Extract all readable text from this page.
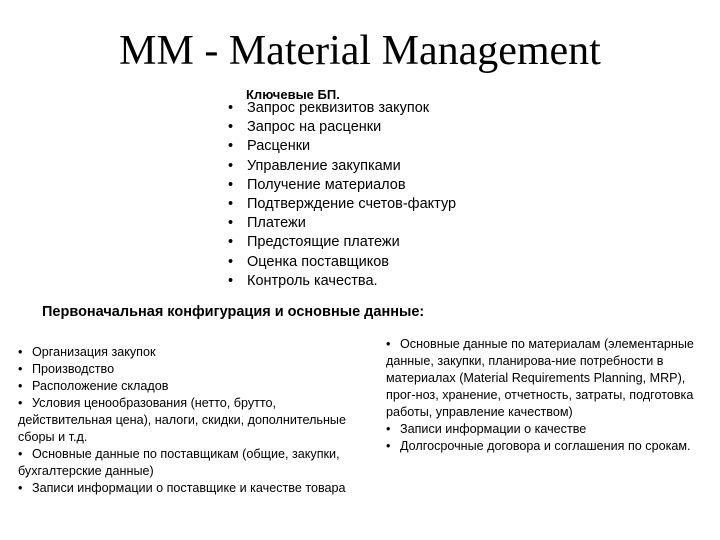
MM - Material Management
Ключевые БП.
• Запрос реквизитов закупок
• Запрос на расценки
• Расценки
• Управление закупками
• Получение материалов
• Подтверждение счетов-фактур
• Платежи
• Предстоящие платежи
• Оценка поставщиков
• Контроль качества.
Первоначальная конфигурация и основные данные:
• Организация закупок
• Производство
• Расположение складов
• Условия ценообразования (нетто, брутто, действительная цена), налоги, скидки, дополнительные сборы и т.д.
• Основные данные по поставщикам (общие, закупки, бухгалтерские данные)
• Записи информации о поставщике и качестве товара
• Основные данные по материалам (элементарные данные, закупки, планирова-ние потребности в материалах (Material Requirements Planning, MRP), прог-ноз, хранение, отчетность, затраты, подготовка работы, управление качеством)
• Записи информации о качестве
• Долгосрочные договора и соглашения по срокам.
